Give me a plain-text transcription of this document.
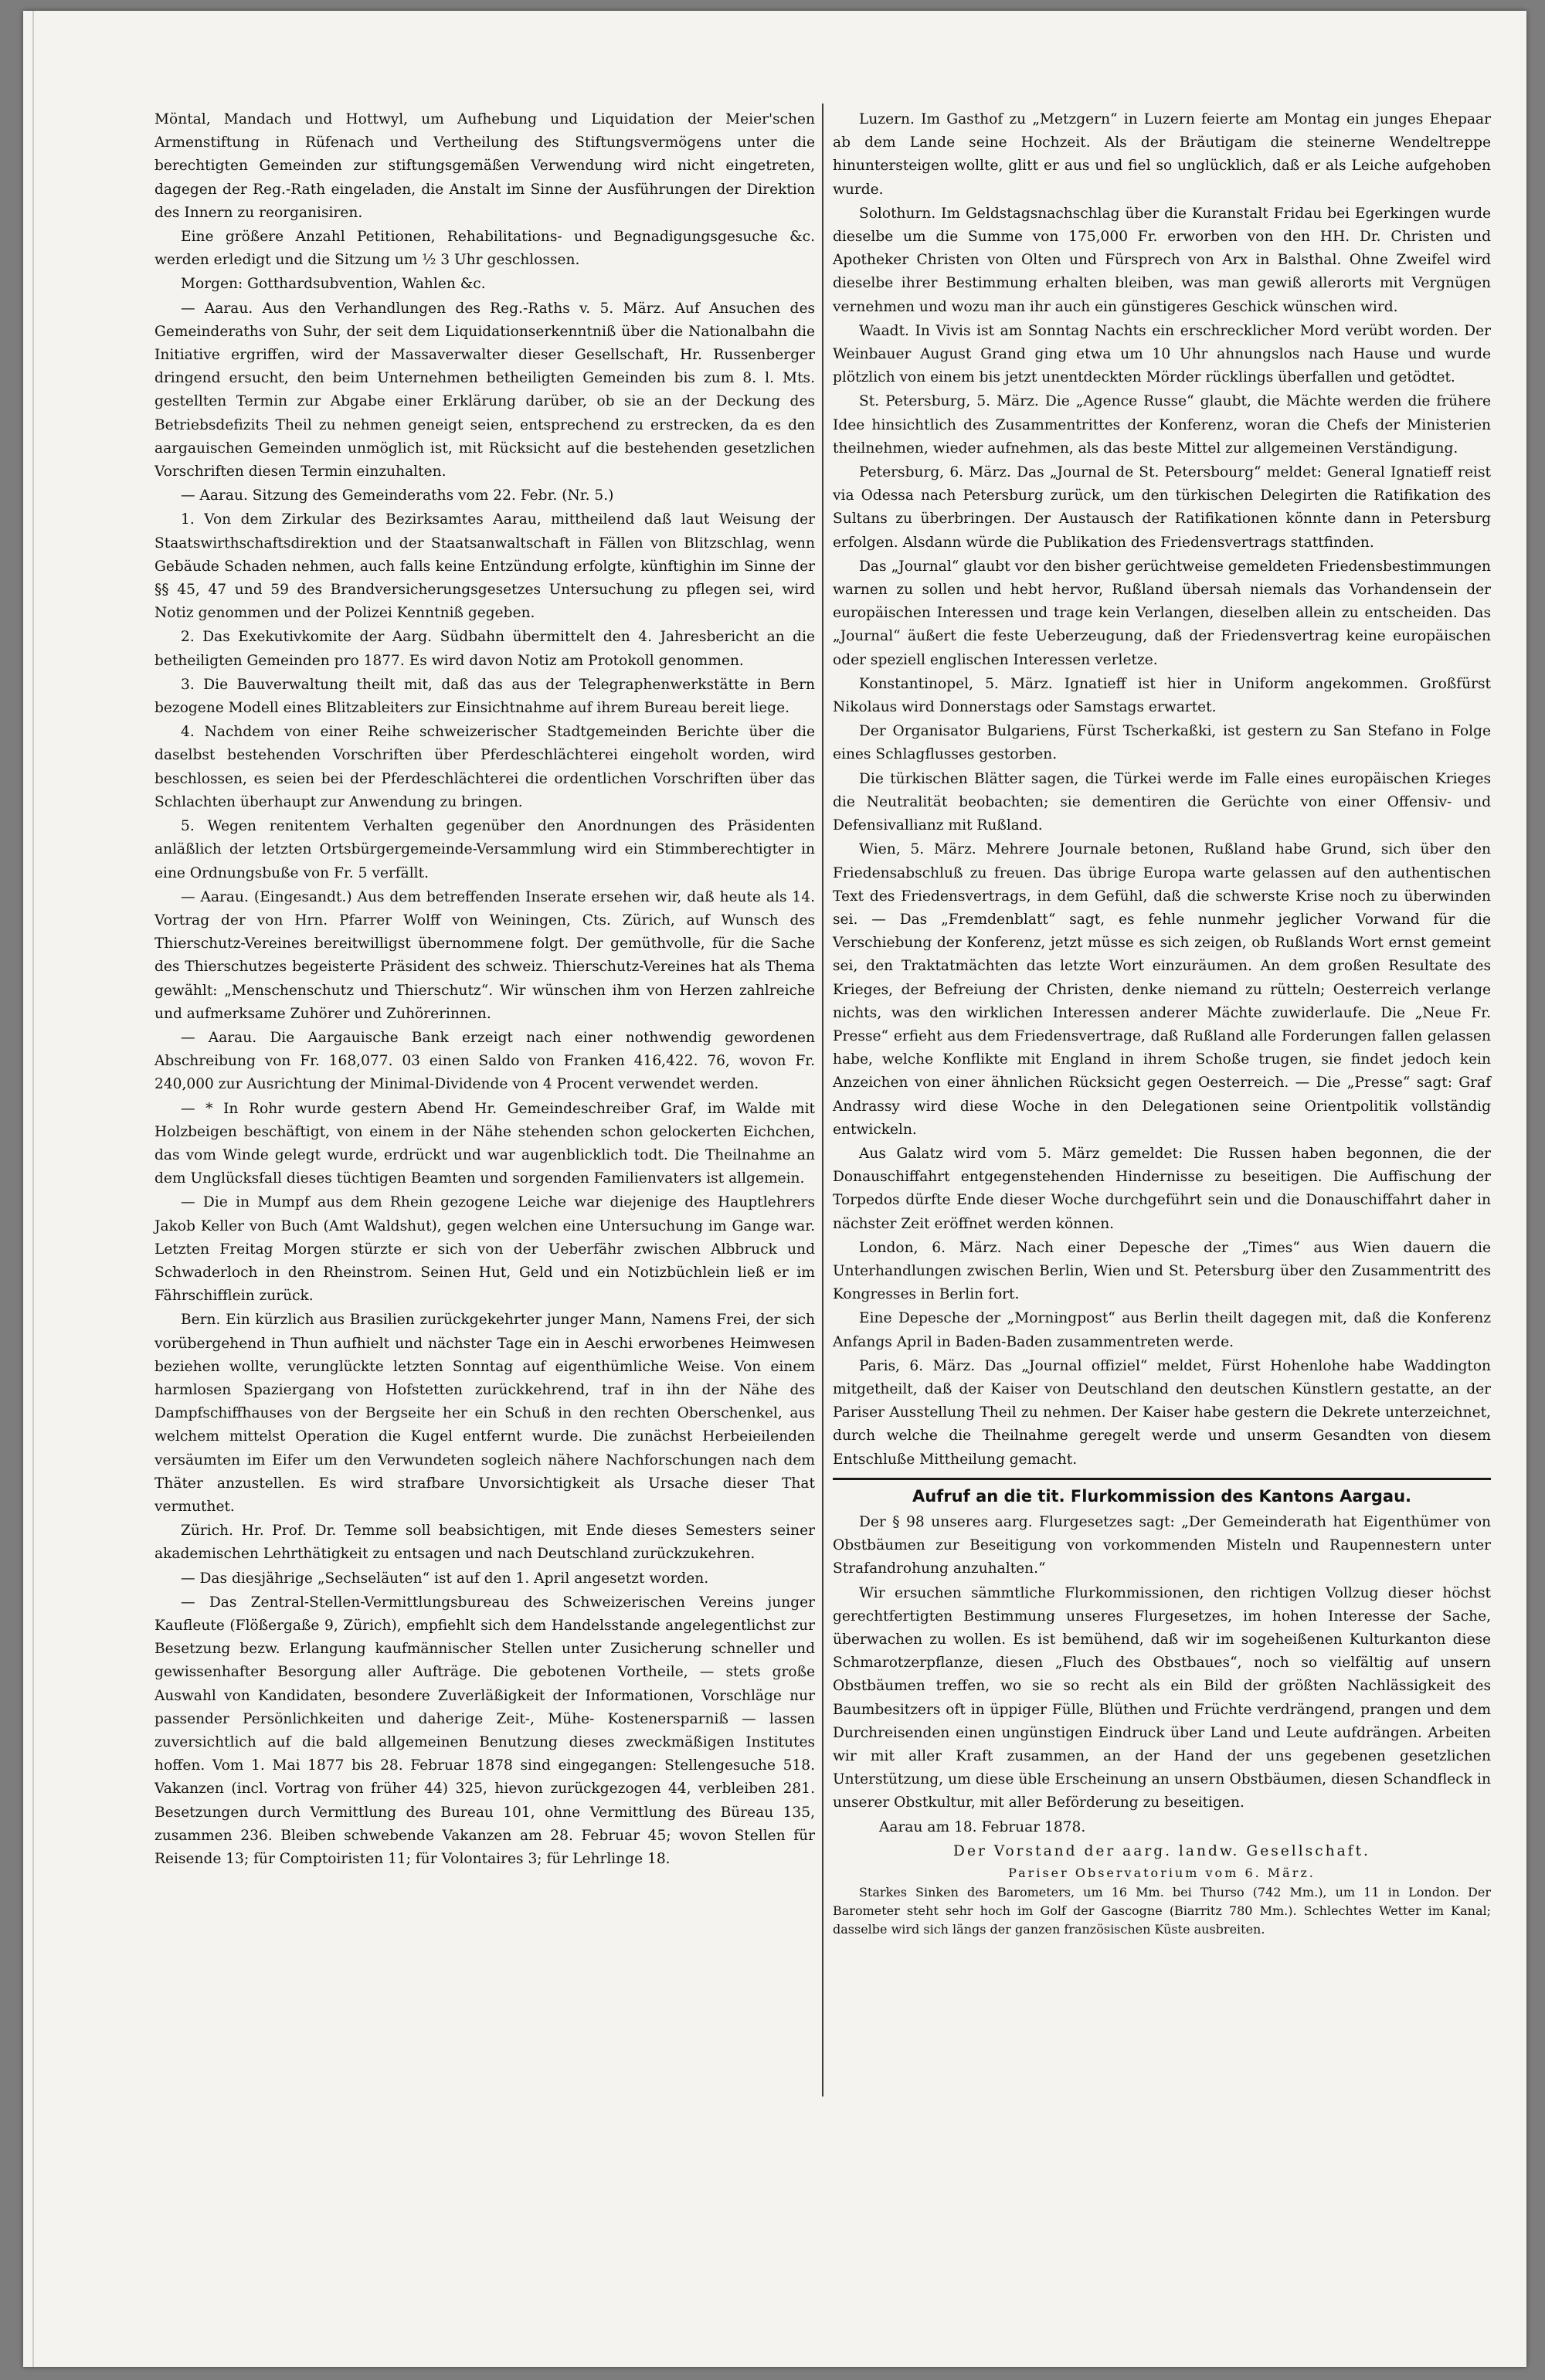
Möntal, Mandach und Hottwyl, um Aufhebung und Liquidation der Meier'schen Armenstiftung in Rüfenach und Vertheilung des Stiftungsvermögens unter die berechtigten Gemeinden zur stiftungsgemäßen Verwendung wird nicht eingetreten, dagegen der Reg.-Rath eingeladen, die Anstalt im Sinne der Ausführungen der Direktion des Innern zu reorganisiren.

Eine größere Anzahl Petitionen, Rehabilitations- und Begnadigungsgesuche &c. werden erledigt und die Sitzung um ½ 3 Uhr geschlossen.

Morgen: Gotthardsubvention, Wahlen &c.

— Aarau. Aus den Verhandlungen des Reg.-Raths v. 5. März. Auf Ansuchen des Gemeinderaths von Suhr, der seit dem Liquidationserkenntniß über die Nationalbahn die Initiative ergriffen, wird der Massaverwalter dieser Gesellschaft, Hr. Russenberger dringend ersucht, den beim Unternehmen betheiligten Gemeinden bis zum 8. l. Mts. gestellten Termin zur Abgabe einer Erklärung darüber, ob sie an der Deckung des Betriebsdefizits Theil zu nehmen geneigt seien, entsprechend zu erstrecken, da es den aargauischen Gemeinden unmöglich ist, mit Rücksicht auf die bestehenden gesetzlichen Vorschriften diesen Termin einzuhalten.

— Aarau. Sitzung des Gemeinderaths vom 22. Febr. (Nr. 5.)

1. Von dem Zirkular des Bezirksamtes Aarau, mittheilend daß laut Weisung der Staatswirthschaftsdirektion und der Staatsanwaltschaft in Fällen von Blitzschlag, wenn Gebäude Schaden nehmen, auch falls keine Entzündung erfolgte, künftighin im Sinne der §§ 45, 47 und 59 des Brandversicherungsgesetzes Untersuchung zu pflegen sei, wird Notiz genommen und der Polizei Kenntniß gegeben.

2. Das Exekutivkomite der Aarg. Südbahn übermittelt den 4. Jahresbericht an die betheiligten Gemeinden pro 1877. Es wird davon Notiz am Protokoll genommen.

3. Die Bauverwaltung theilt mit, daß das aus der Telegraphenwerkstätte in Bern bezogene Modell eines Blitzableiters zur Einsichtnahme auf ihrem Bureau bereit liege.

4. Nachdem von einer Reihe schweizerischer Stadtgemeinden Berichte über die daselbst bestehenden Vorschriften über Pferdeschlächterei eingeholt worden, wird beschlossen, es seien bei der Pferdeschlächterei die ordentlichen Vorschriften über das Schlachten überhaupt zur Anwendung zu bringen.

5. Wegen renitentem Verhalten gegenüber den Anordnungen des Präsidenten anläßlich der letzten Ortsbürgergemeinde-Versammlung wird ein Stimmberechtigter in eine Ordnungsbuße von Fr. 5 verfällt.

— Aarau. (Eingesandt.) Aus dem betreffenden Inserate ersehen wir, daß heute als 14. Vortrag der von Hrn. Pfarrer Wolff von Weiningen, Cts. Zürich, auf Wunsch des Thierschutz-Vereines bereitwilligst übernommene folgt. Der gemüthvolle, für die Sache des Thierschutzes begeisterte Präsident des schweiz. Thierschutz-Vereines hat als Thema gewählt: „Menschenschutz und Thierschutz“. Wir wünschen ihm von Herzen zahlreiche und aufmerksame Zuhörer und Zuhörerinnen.

— Aarau. Die Aargauische Bank erzeigt nach einer nothwendig gewordenen Abschreibung von Fr. 168,077. 03 einen Saldo von Franken 416,422. 76, wovon Fr. 240,000 zur Ausrichtung der Minimal-Dividende von 4 Procent verwendet werden.

— * In Rohr wurde gestern Abend Hr. Gemeindeschreiber Graf, im Walde mit Holzbeigen beschäftigt, von einem in der Nähe stehenden schon gelockerten Eichchen, das vom Winde gelegt wurde, erdrückt und war augenblicklich todt. Die Theilnahme an dem Unglücksfall dieses tüchtigen Beamten und sorgenden Familienvaters ist allgemein.

— Die in Mumpf aus dem Rhein gezogene Leiche war diejenige des Hauptlehrers Jakob Keller von Buch (Amt Waldshut), gegen welchen eine Untersuchung im Gange war. Letzten Freitag Morgen stürzte er sich von der Ueberfähr zwischen Albbruck und Schwaderloch in den Rheinstrom. Seinen Hut, Geld und ein Notizbüchlein ließ er im Fährschifflein zurück.

Bern. Ein kürzlich aus Brasilien zurückgekehrter junger Mann, Namens Frei, der sich vorübergehend in Thun aufhielt und nächster Tage ein in Aeschi erworbenes Heimwesen beziehen wollte, verunglückte letzten Sonntag auf eigenthümliche Weise. Von einem harmlosen Spaziergang von Hofstetten zurückkehrend, traf in ihn der Nähe des Dampfschiffhauses von der Bergseite her ein Schuß in den rechten Oberschenkel, aus welchem mittelst Operation die Kugel entfernt wurde. Die zunächst Herbeieilenden versäumten im Eifer um den Verwundeten sogleich nähere Nachforschungen nach dem Thäter anzustellen. Es wird strafbare Unvorsichtigkeit als Ursache dieser That vermuthet.

Zürich. Hr. Prof. Dr. Temme soll beabsichtigen, mit Ende dieses Semesters seiner akademischen Lehrthätigkeit zu entsagen und nach Deutschland zurückzukehren.

— Das diesjährige „Sechseläuten“ ist auf den 1. April angesetzt worden.

— Das Zentral-Stellen-Vermittlungsbureau des Schweizerischen Vereins junger Kaufleute (Flößergaße 9, Zürich), empfiehlt sich dem Handelsstande angelegentlichst zur Besetzung bezw. Erlangung kaufmännischer Stellen unter Zusicherung schneller und gewissenhafter Besorgung aller Aufträge. Die gebotenen Vortheile, — stets große Auswahl von Kandidaten, besondere Zuverläßigkeit der Informationen, Vorschläge nur passender Persönlichkeiten und daherige Zeit-, Mühe- Kostenersparniß — lassen zuversichtlich auf die bald allgemeinen Benutzung dieses zweckmäßigen Institutes hoffen. Vom 1. Mai 1877 bis 28. Februar 1878 sind eingegangen: Stellengesuche 518. Vakanzen (incl. Vortrag von früher 44) 325, hievon zurückgezogen 44, verbleiben 281. Besetzungen durch Vermittlung des Bureau 101, ohne Vermittlung des Büreau 135, zusammen 236. Bleiben schwebende Vakanzen am 28. Februar 45; wovon Stellen für Reisende 13; für Comptoiristen 11; für Volontaires 3; für Lehrlinge 18.

Luzern. Im Gasthof zu „Metzgern“ in Luzern feierte am Montag ein junges Ehepaar ab dem Lande seine Hochzeit. Als der Bräutigam die steinerne Wendeltreppe hinuntersteigen wollte, glitt er aus und fiel so unglücklich, daß er als Leiche aufgehoben wurde.

Solothurn. Im Geldstagsnachschlag über die Kuranstalt Fridau bei Egerkingen wurde dieselbe um die Summe von 175,000 Fr. erworben von den HH. Dr. Christen und Apotheker Christen von Olten und Fürsprech von Arx in Balsthal. Ohne Zweifel wird dieselbe ihrer Bestimmung erhalten bleiben, was man gewiß allerorts mit Vergnügen vernehmen und wozu man ihr auch ein günstigeres Geschick wünschen wird.

Waadt. In Vivis ist am Sonntag Nachts ein erschrecklicher Mord verübt worden. Der Weinbauer August Grand ging etwa um 10 Uhr ahnungslos nach Hause und wurde plötzlich von einem bis jetzt unentdeckten Mörder rücklings überfallen und getödtet.

St. Petersburg, 5. März. Die „Agence Russe“ glaubt, die Mächte werden die frühere Idee hinsichtlich des Zusammentrittes der Konferenz, woran die Chefs der Ministerien theilnehmen, wieder aufnehmen, als das beste Mittel zur allgemeinen Verständigung.

Petersburg, 6. März. Das „Journal de St. Petersbourg“ meldet: General Ignatieff reist via Odessa nach Petersburg zurück, um den türkischen Delegirten die Ratifikation des Sultans zu überbringen. Der Austausch der Ratifikationen könnte dann in Petersburg erfolgen. Alsdann würde die Publikation des Friedensvertrags stattfinden.

Das „Journal“ glaubt vor den bisher gerüchtweise gemeldeten Friedensbestimmungen warnen zu sollen und hebt hervor, Rußland übersah niemals das Vorhandensein der europäischen Interessen und trage kein Verlangen, dieselben allein zu entscheiden. Das „Journal“ äußert die feste Ueberzeugung, daß der Friedensvertrag keine europäischen oder speziell englischen Interessen verletze.

Konstantinopel, 5. März. Ignatieff ist hier in Uniform angekommen. Großfürst Nikolaus wird Donnerstags oder Samstags erwartet.

Der Organisator Bulgariens, Fürst Tscherkaßki, ist gestern zu San Stefano in Folge eines Schlagflusses gestorben.

Die türkischen Blätter sagen, die Türkei werde im Falle eines europäischen Krieges die Neutralität beobachten; sie dementiren die Gerüchte von einer Offensiv- und Defensivallianz mit Rußland.

Wien, 5. März. Mehrere Journale betonen, Rußland habe Grund, sich über den Friedensabschluß zu freuen. Das übrige Europa warte gelassen auf den authentischen Text des Friedensvertrags, in dem Gefühl, daß die schwerste Krise noch zu überwinden sei. — Das „Fremdenblatt“ sagt, es fehle nunmehr jeglicher Vorwand für die Verschiebung der Konferenz, jetzt müsse es sich zeigen, ob Rußlands Wort ernst gemeint sei, den Traktatmächten das letzte Wort einzuräumen. An dem großen Resultate des Krieges, der Befreiung der Christen, denke niemand zu rütteln; Oesterreich verlange nichts, was den wirklichen Interessen anderer Mächte zuwiderlaufe. Die „Neue Fr. Presse“ erfieht aus dem Friedensvertrage, daß Rußland alle Forderungen fallen gelassen habe, welche Konflikte mit England in ihrem Schoße trugen, sie findet jedoch kein Anzeichen von einer ähnlichen Rücksicht gegen Oesterreich. — Die „Presse“ sagt: Graf Andrassy wird diese Woche in den Delegationen seine Orientpolitik vollständig entwickeln.

Aus Galatz wird vom 5. März gemeldet: Die Russen haben begonnen, die der Donauschiffahrt entgegenstehenden Hindernisse zu beseitigen. Die Auffischung der Torpedos dürfte Ende dieser Woche durchgeführt sein und die Donauschiffahrt daher in nächster Zeit eröffnet werden können.

London, 6. März. Nach einer Depesche der „Times“ aus Wien dauern die Unterhandlungen zwischen Berlin, Wien und St. Petersburg über den Zusammentritt des Kongresses in Berlin fort.

Eine Depesche der „Morningpost“ aus Berlin theilt dagegen mit, daß die Konferenz Anfangs April in Baden-Baden zusammentreten werde.

Paris, 6. März. Das „Journal offiziel“ meldet, Fürst Hohenlohe habe Waddington mitgetheilt, daß der Kaiser von Deutschland den deutschen Künstlern gestatte, an der Pariser Ausstellung Theil zu nehmen. Der Kaiser habe gestern die Dekrete unterzeichnet, durch welche die Theilnahme geregelt werde und unserm Gesandten von diesem Entschluße Mittheilung gemacht.

Aufruf an die tit. Flurkommission des Kantons Aargau.

Der § 98 unseres aarg. Flurgesetzes sagt: „Der Gemeinderath hat Eigenthümer von Obstbäumen zur Beseitigung von vorkommenden Misteln und Raupennestern unter Strafandrohung anzuhalten.“

Wir ersuchen sämmtliche Flurkommissionen, den richtigen Vollzug dieser höchst gerechtfertigten Bestimmung unseres Flurgesetzes, im hohen Interesse der Sache, überwachen zu wollen. Es ist bemühend, daß wir im sogeheißenen Kulturkanton diese Schmarotzerpflanze, diesen „Fluch des Obstbaues“, noch so vielfältig auf unsern Obstbäumen treffen, wo sie so recht als ein Bild der größten Nachlässigkeit des Baumbesitzers oft in üppiger Fülle, Blüthen und Früchte verdrängend, prangen und dem Durchreisenden einen ungünstigen Eindruck über Land und Leute aufdrängen. Arbeiten wir mit aller Kraft zusammen, an der Hand der uns gegebenen gesetzlichen Unterstützung, um diese üble Erscheinung an unsern Obstbäumen, diesen Schandfleck in unserer Obstkultur, mit aller Beförderung zu beseitigen.

Aarau am 18. Februar 1878.

Der Vorstand der aarg. landw. Gesellschaft.

Pariser Observatorium vom 6. März.

Starkes Sinken des Barometers, um 16 Mm. bei Thurso (742 Mm.), um 11 in London. Der Barometer steht sehr hoch im Golf der Gascogne (Biarritz 780 Mm.). Schlechtes Wetter im Kanal; dasselbe wird sich längs der ganzen französischen Küste ausbreiten.
